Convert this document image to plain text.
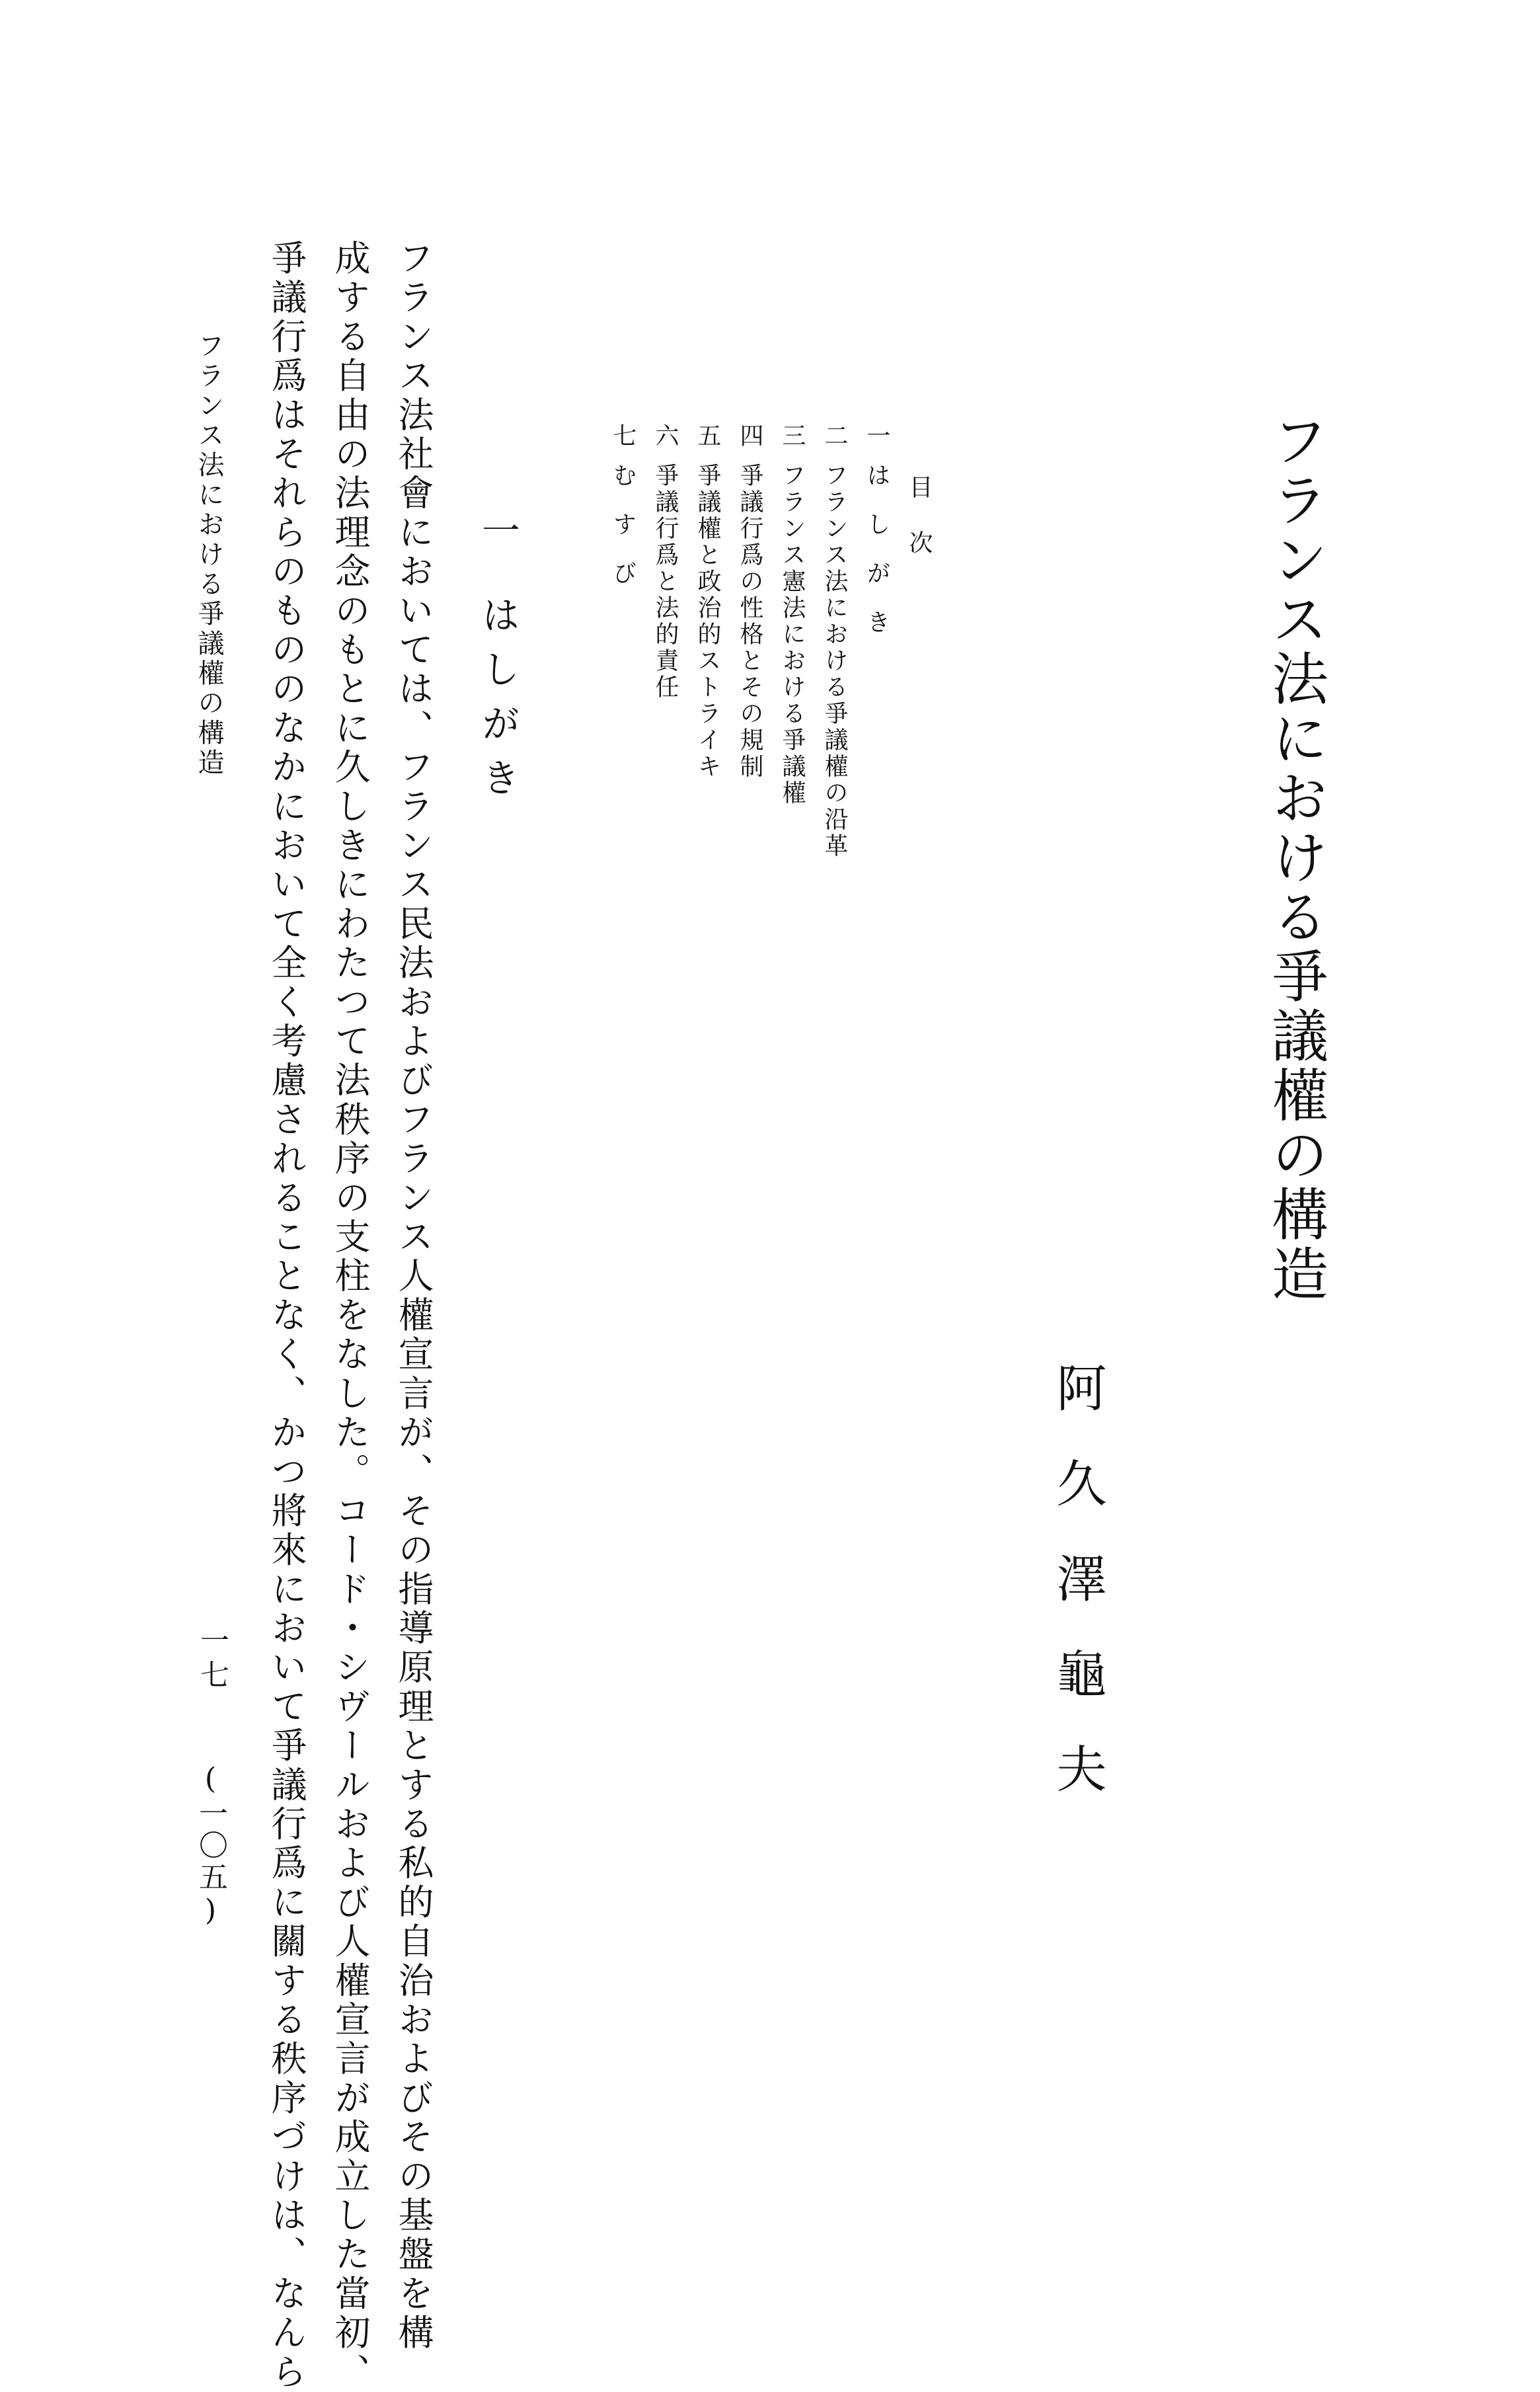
フランス法における爭議權の構造
阿久澤龜夫
目次
一
はしがき
二
フランス法における爭議權の沿革
三
フランス憲法における爭議權
四
爭議行爲の性格とその規制
五
爭議權と政治的ストライキ
六
爭議行爲と法的責任
七
むすび
一はしがき
フランス法社會においては、フランス民法およびフランス人權宣言が、その指導原理とする私的自治およびその基盤を構
成する自由の法理念のもとに久しきにわたつて法秩序の支柱をなした。コード・シヴールおよび人權宣言が成立した當初、
爭議行爲はそれらのもののなかにおいて全く考慮されることなく、かつ將來において爭議行爲に關する秩序づけは、なんら
フランス法における爭議權の構造
一七
(一〇五)
